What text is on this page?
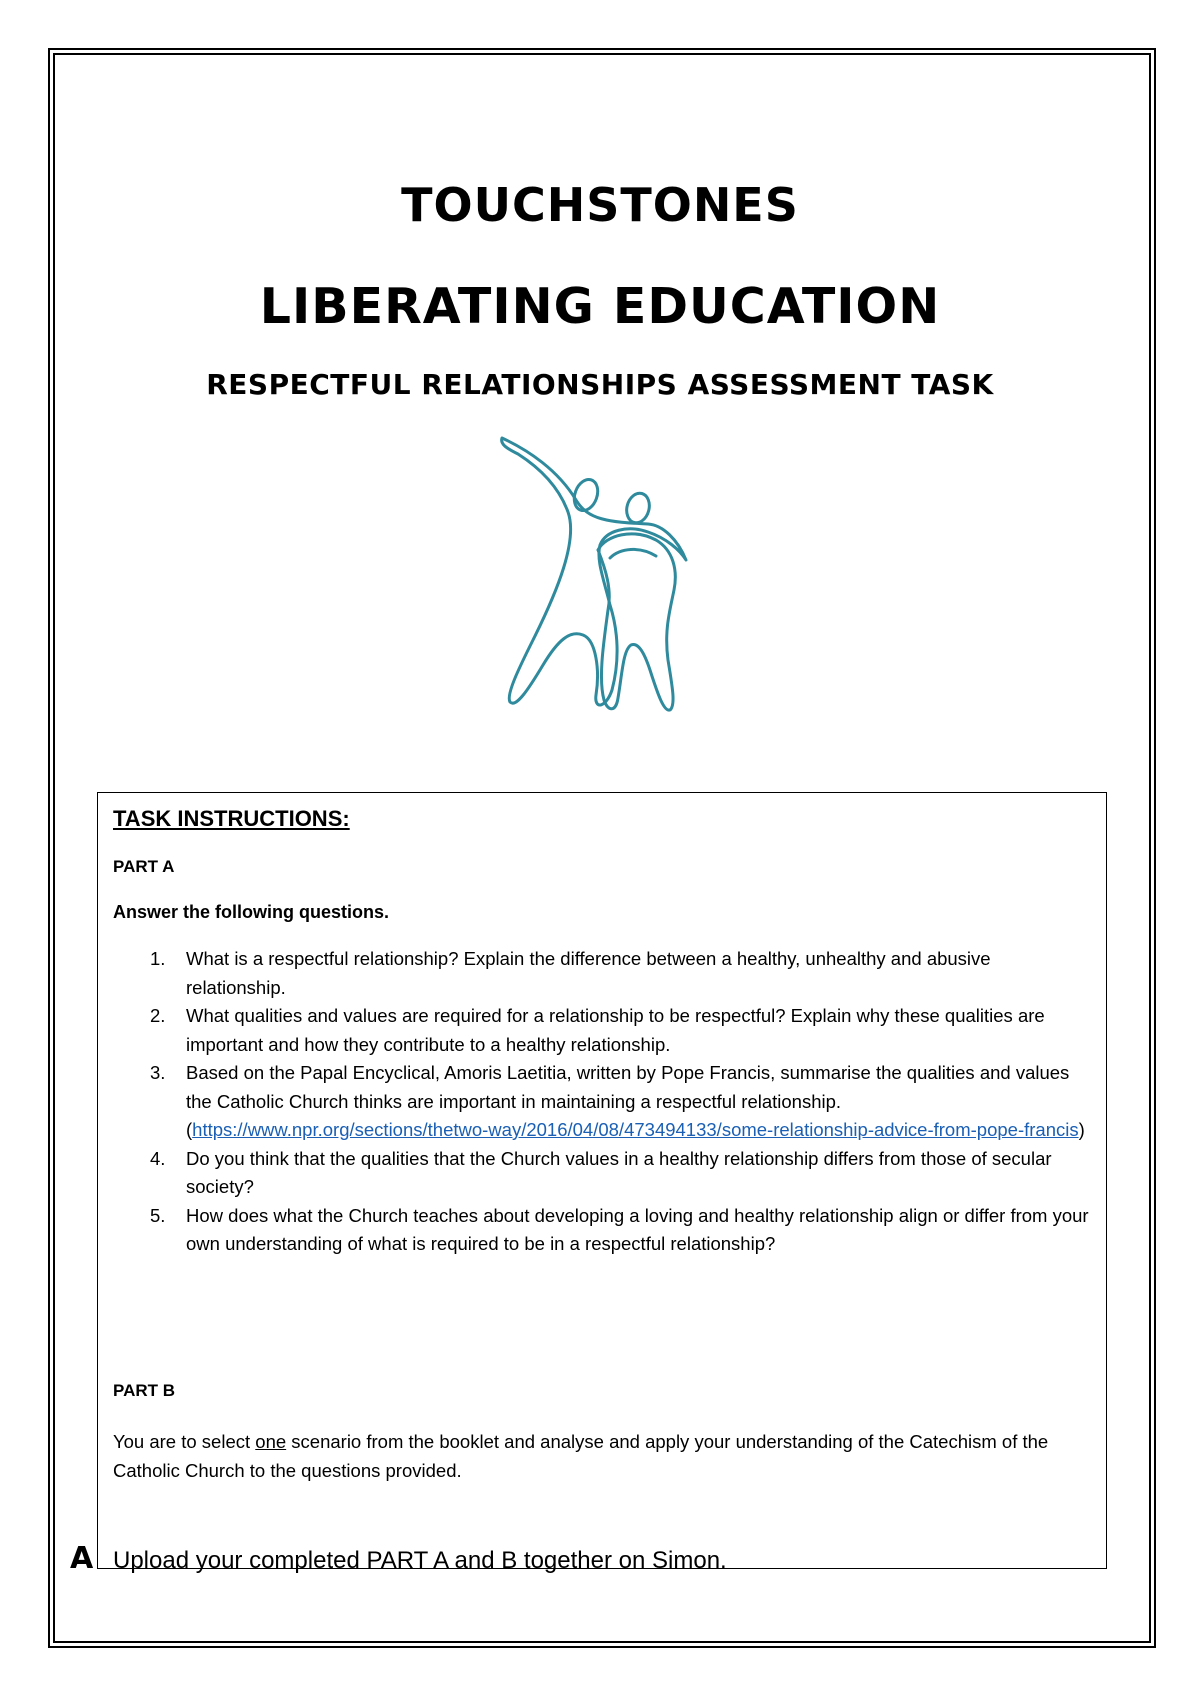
TOUCHSTONES
LIBERATING EDUCATION
RESPECTFUL RELATIONSHIPS ASSESSMENT TASK
TASK INSTRUCTIONS:
PART A
Answer the following questions.
1. What is a respectful relationship? Explain the difference between a healthy, unhealthy and abusive relationship.
2. What qualities and values are required for a relationship to be respectful? Explain why these qualities are important and how they contribute to a healthy relationship.
3. Based on the Papal Encyclical, Amoris Laetitia, written by Pope Francis, summarise the qualities and values the Catholic Church thinks are important in maintaining a respectful relationship.
(https://www.npr.org/sections/thetwo-way/2016/04/08/473494133/some-relationship-advice-from-pope-francis)
4. Do you think that the qualities that the Church values in a healthy relationship differs from those of secular society?
5. How does what the Church teaches about developing a loving and healthy relationship align or differ from your own understanding of what is required to be in a respectful relationship?
PART B
You are to select one scenario from the booklet and analyse and apply your understanding of the Catechism of the Catholic Church to the questions provided.
A Upload your completed PART A and B together on Simon.
